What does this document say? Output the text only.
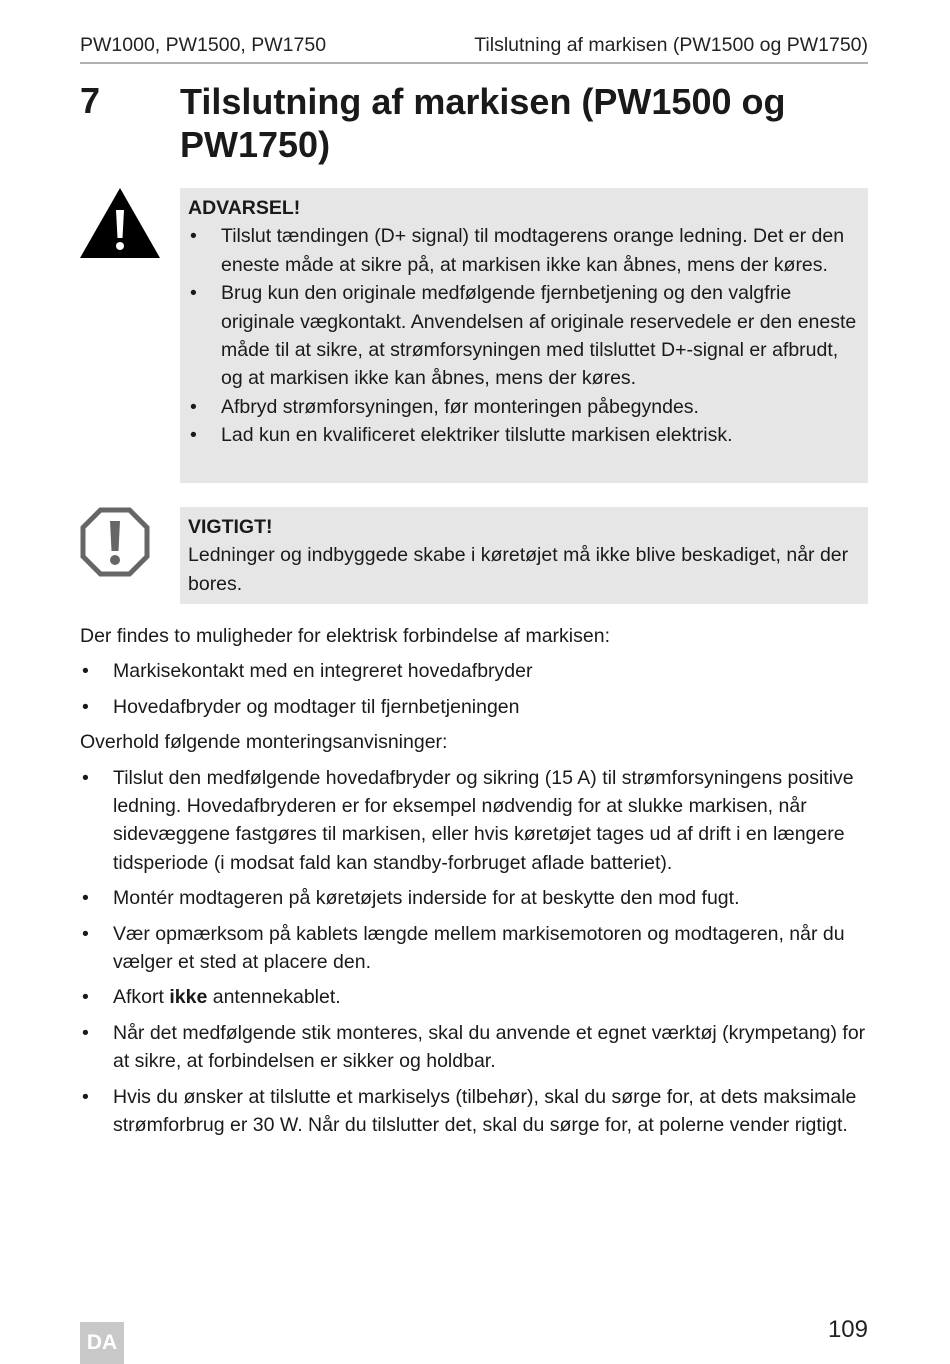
PW1000, PW1500, PW1750	Tilslutning af markisen (PW1500 og PW1750)
7 Tilslutning af markisen (PW1500 og PW1750)
ADVARSEL!
• Tilslut tændingen (D+ signal) til modtagerens orange ledning. Det er den eneste måde at sikre på, at markisen ikke kan åbnes, mens der køres.
• Brug kun den originale medfølgende fjernbetjening og den valgfrie originale vægkontakt. Anvendelsen af originale reservedele er den eneste måde til at sikre, at strømforsyningen med tilsluttet D+-signal er afbrudt, og at markisen ikke kan åbnes, mens der køres.
• Afbryd strømforsyningen, før monteringen påbegyndes.
• Lad kun en kvalificeret elektriker tilslutte markisen elektrisk.
VIGTIGT!
Ledninger og indbyggede skabe i køretøjet må ikke blive beskadiget, når der bores.

Der findes to muligheder for elektrisk forbindelse af markisen:

• Markisekontakt med en integreret hovedafbryder
• Hovedafbryder og modtager til fjernbetjeningen

Overhold følgende monteringsanvisninger:

• Tilslut den medfølgende hovedafbryder og sikring (15 A) til strømforsyningens positive ledning. Hovedafbryderen er for eksempel nødvendig for at slukke markisen, når sidevæggene fastgøres til markisen, eller hvis køretøjet tages ud af drift i en længere tidsperiode (i modsat fald kan standby-forbruget aflade batteriet).
• Montér modtageren på køretøjets inderside for at beskytte den mod fugt.
• Vær opmærksom på kablets længde mellem markisemotoren og modtageren, når du vælger et sted at placere den.
• Afkort ikke antennekablet.
• Når det medfølgende stik monteres, skal du anvende et egnet værktøj (krympetang) for at sikre, at forbindelsen er sikker og holdbar.
• Hvis du ønsker at tilslutte et markiselys (tilbehør), skal du sørge for, at dets maksimale strømforbrug er 30 W. Når du tilslutter det, skal du sørge for, at polerne vender rigtigt.
DA	109
